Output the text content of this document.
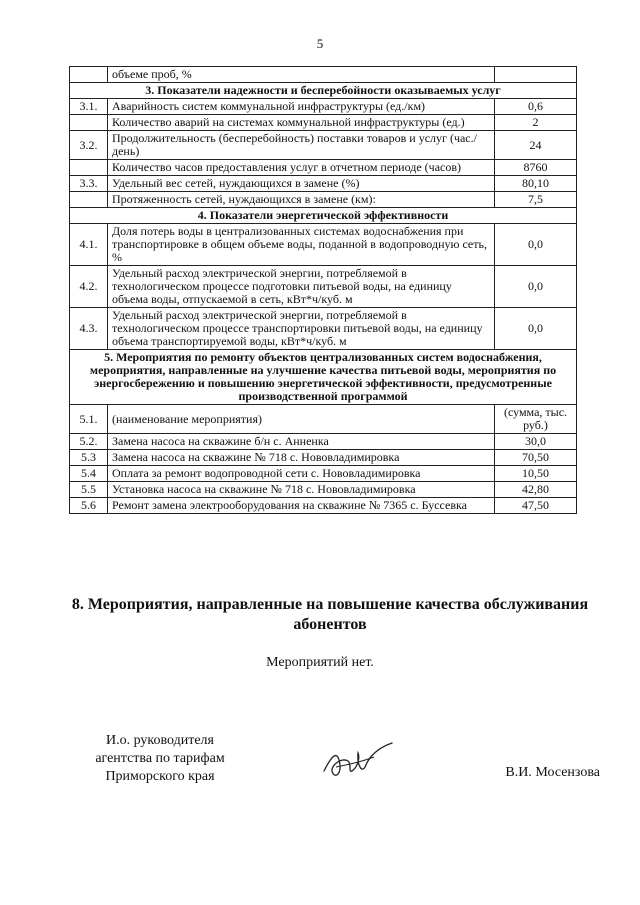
5
	объеме проб, %	
3. Показатели надежности и бесперебойности оказываемых услуг		
3.1.	Аварийность систем коммунальной инфраструктуры (ед./км)	0,6
	Количество аварий на системах коммунальной инфраструктуры (ед.)	2
3.2.	Продолжительность (бесперебойность) поставки товаров и услуг (час./день)	24
	Количество часов предоставления услуг в отчетном периоде (часов)	8760
3.3.	Удельный вес сетей, нуждающихся в замене (%)	80,10
	Протяженность сетей, нуждающихся в замене (км):	7,5
4. Показатели энергетической эффективности		
4.1.	Доля потерь воды в централизованных системах водоснабжения при транспортировке в общем объеме воды, поданной в водопроводную сеть, %	0,0
4.2.	Удельный расход электрической энергии, потребляемой в технологическом процессе подготовки питьевой воды, на единицу объема воды, отпускаемой в сеть, кВт*ч/куб. м	0,0
4.3.	Удельный расход электрической энергии, потребляемой в технологическом процессе транспортировки питьевой воды, на единицу объема транспортируемой воды, кВт*ч/куб. м	0,0
5. Мероприятия по ремонту объектов централизованных систем водоснабжения, мероприятия, направленные на улучшение качества питьевой воды, мероприятия по энергосбережению и повышению энергетической эффективности, предусмотренные производственной программой		
5.1.	(наименование мероприятия)	(сумма, тыс. руб.)
5.2.	Замена насоса на скважине б/н с. Анненка	30,0
5.3	Замена насоса на скважине № 718 с. Нововладимировка	70,50
5.4	Оплата за ремонт водопроводной сети с. Нововладимировка	10,50
5.5	Установка насоса на скважине № 718 с. Нововладимировка	42,80
5.6	Ремонт замена электрооборудования на скважине № 7365 с. Буссевка	47,50
8. Мероприятия, направленные на повышение качества обслуживания абонентов
Мероприятий нет.
И.о. руководителя
агентства по тарифам
Приморского края	В.И. Мосензова
